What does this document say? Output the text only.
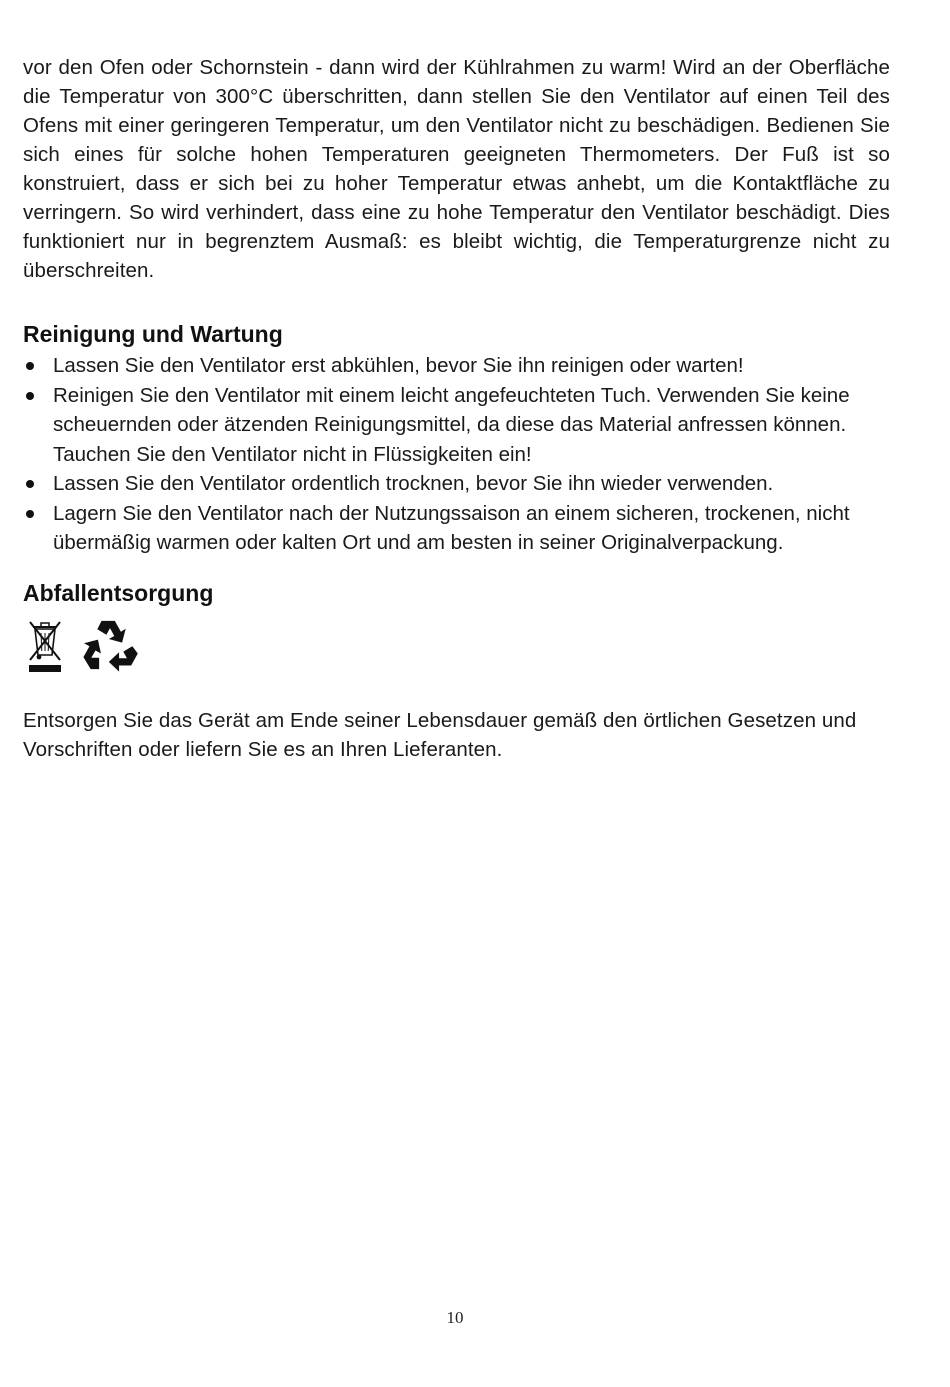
vor den Ofen oder Schornstein - dann wird der Kühlrahmen zu warm! Wird an der Oberfläche die Temperatur von 300°C überschritten, dann stellen Sie den Ventilator auf einen Teil des Ofens mit einer geringeren Temperatur, um den Ventilator nicht zu beschädigen. Bedienen Sie sich eines für solche hohen Temperaturen geeigneten Thermometers. Der Fuß ist so konstruiert, dass er sich bei zu hoher Temperatur etwas anhebt, um die Kontaktfläche zu verringern. So wird verhindert, dass eine zu hohe Temperatur den Ventilator beschädigt. Dies funktioniert nur in begrenztem Ausmaß: es bleibt wichtig, die Temperaturgrenze nicht zu überschreiten.

Reinigung und Wartung
Lassen Sie den Ventilator erst abkühlen, bevor Sie ihn reinigen oder warten!
Reinigen Sie den Ventilator mit einem leicht angefeuchteten Tuch. Verwenden Sie keine scheuernden oder ätzenden Reinigungsmittel, da diese das Material anfressen können. Tauchen Sie den Ventilator nicht in Flüssigkeiten ein!
Lassen Sie den Ventilator ordentlich trocknen, bevor Sie ihn wieder verwenden.
Lagern Sie den Ventilator nach der Nutzungssaison an einem sicheren, trockenen, nicht übermäßig warmen oder kalten Ort und am besten in seiner Originalverpackung.
Abfallentsorgung

Entsorgen Sie das Gerät am Ende seiner Lebensdauer gemäß den örtlichen Gesetzen und Vorschriften oder liefern Sie es an Ihren Lieferanten.

10
